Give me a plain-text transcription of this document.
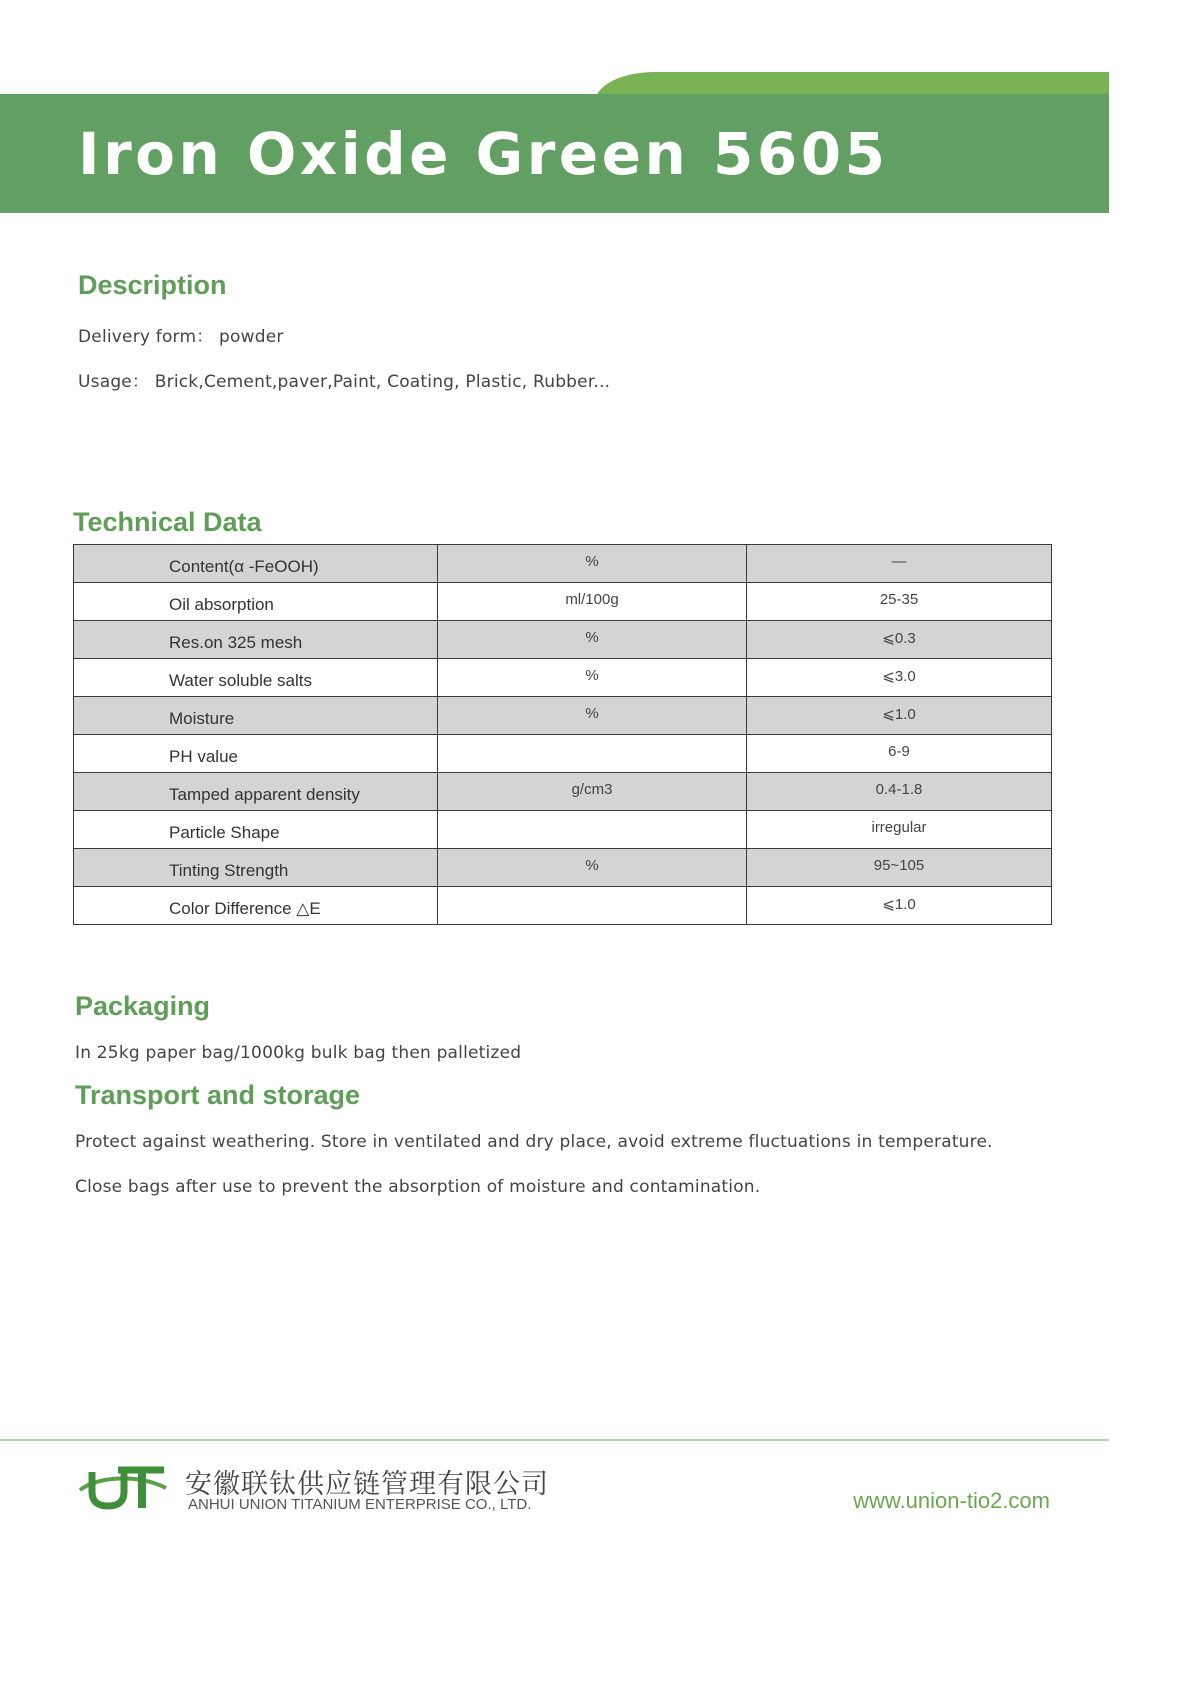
Iron Oxide Green 5605
Description

Delivery form： powder

Usage： Brick,Cement,paver,Paint, Coating, Plastic, Rubber...

Technical Data
Content(α -FeOOH)	%	—
Oil absorption	ml/100g	25-35
Res.on 325 mesh	%	⩽0.3
Water soluble salts	%	⩽3.0
Moisture	%	⩽1.0
PH value		6-9
Tamped apparent density	g/cm3	0.4-1.8
Particle Shape		irregular
Tinting Strength	%	95~105
Color Difference △E		⩽1.0
Packaging

In 25kg paper bag/1000kg bulk bag then palletized

Transport and storage

Protect against weathering. Store in ventilated and dry place, avoid extreme fluctuations in temperature.

Close bags after use to prevent the absorption of moisture and contamination.

UT
安徽联钛供应链管理有限公司
ANHUI UNION TITANIUM ENTERPRISE CO., LTD.	www.union-tio2.com
